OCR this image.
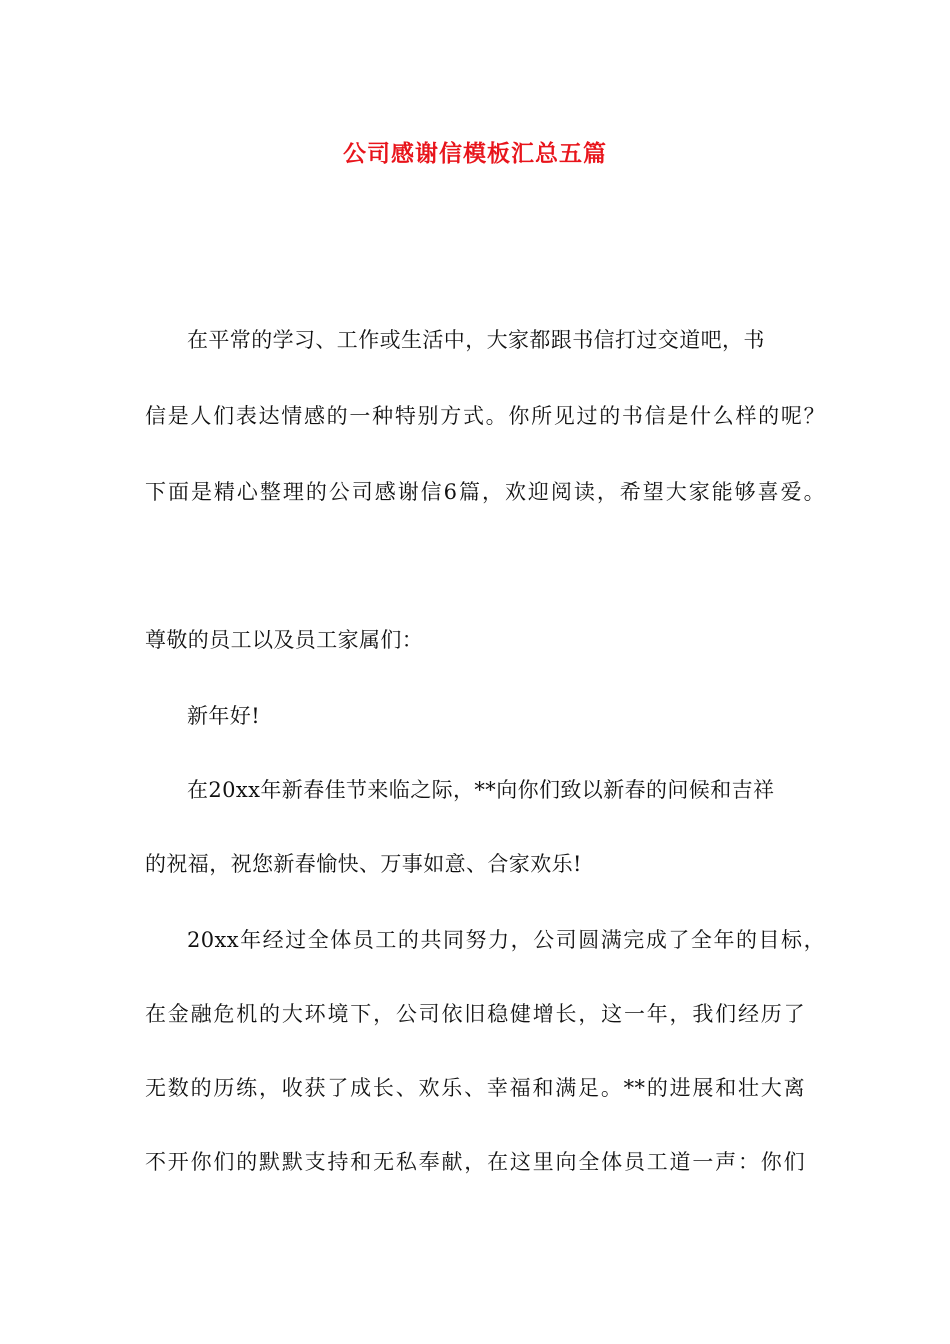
公司感谢信模板汇总五篇
在平常的学习、工作或生活中，大家都跟书信打过交道吧，书
信是人们表达情感的一种特别方式。你所见过的书信是什么样的呢？
下面是精心整理的公司感谢信6篇，欢迎阅读，希望大家能够喜爱。
尊敬的员工以及员工家属们：
新年好!
在20xx年新春佳节来临之际，**向你们致以新春的问候和吉祥
的祝福，祝您新春愉快、万事如意、合家欢乐!
20xx年经过全体员工的共同努力，公司圆满完成了全年的目标，
在金融危机的大环境下，公司依旧稳健增长，这一年，我们经历了
无数的历练，收获了成长、欢乐、幸福和满足。**的进展和壮大离
不开你们的默默支持和无私奉献，在这里向全体员工道一声：你们
